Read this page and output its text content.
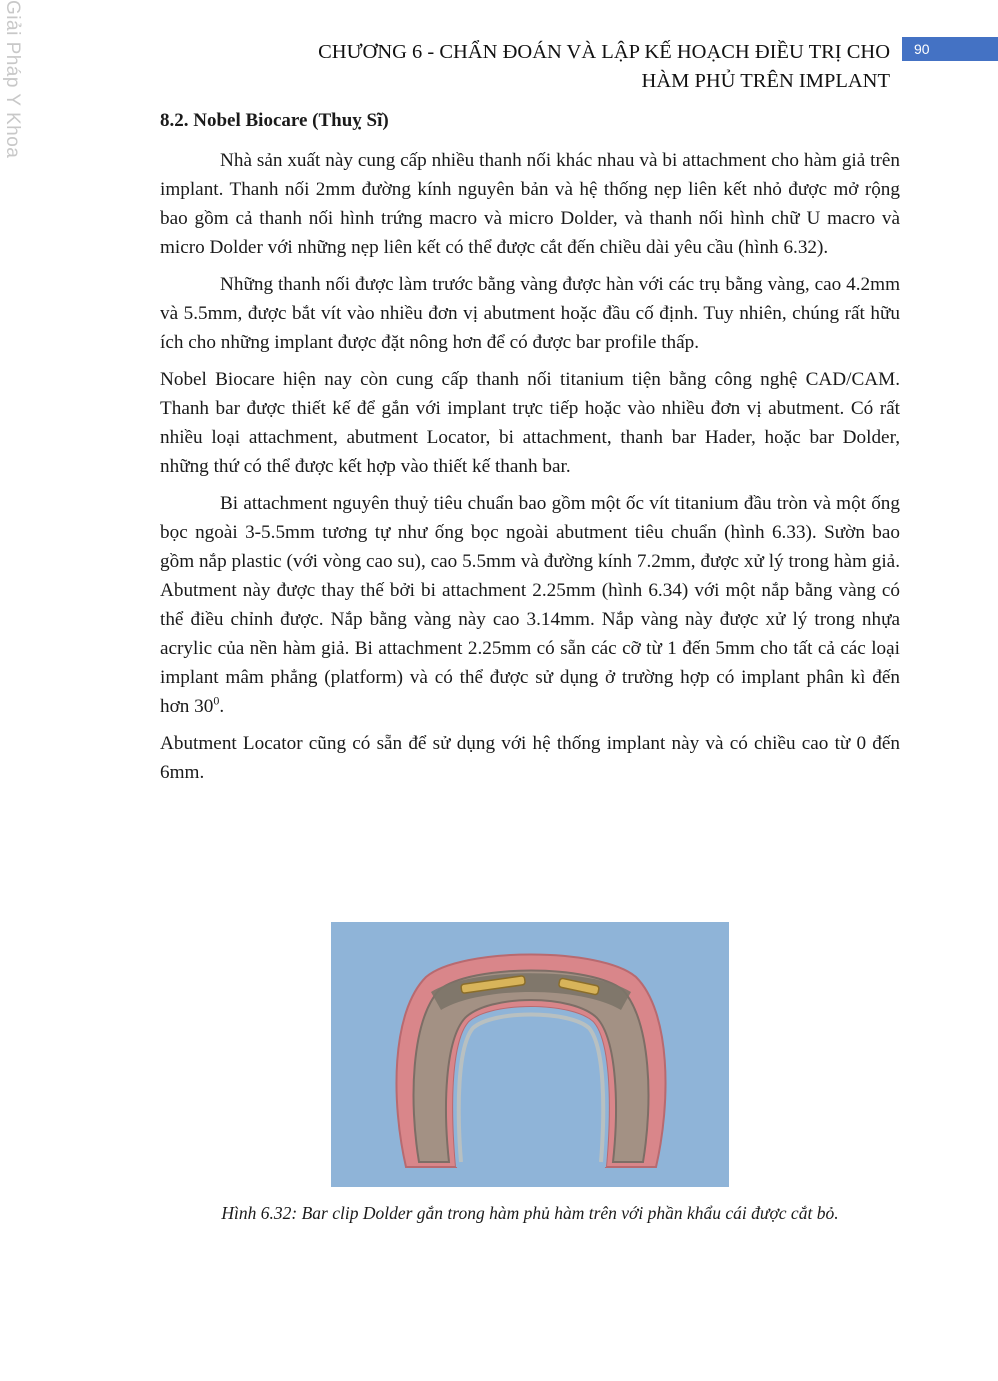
Giải Pháp Y Khoa	90
CHƯƠNG 6 - CHẨN ĐOÁN VÀ LẬP KẾ HOẠCH ĐIỀU TRỊ CHO
HÀM PHỦ TRÊN IMPLANT
8.2. Nobel Biocare (Thuỵ Sĩ)

Nhà sản xuất này cung cấp nhiều thanh nối khác nhau và bi attachment cho hàm giả trên implant. Thanh nối 2mm đường kính nguyên bản và hệ thống nẹp liên kết nhỏ được mở rộng bao gồm cả thanh nối hình trứng macro và micro Dolder, và thanh nối hình chữ U macro và micro Dolder với những nẹp liên kết có thể được cắt đến chiều dài yêu cầu (hình 6.32).

Những thanh nối được làm trước bằng vàng được hàn với các trụ bằng vàng, cao 4.2mm và 5.5mm, được bắt vít vào nhiều đơn vị abutment hoặc đầu cố định. Tuy nhiên, chúng rất hữu ích cho những implant được đặt nông hơn để có được bar profile thấp.

Nobel Biocare hiện nay còn cung cấp thanh nối titanium tiện bằng công nghệ CAD/CAM. Thanh bar được thiết kế để gắn với implant trực tiếp hoặc vào nhiều đơn vị abutment. Có rất nhiều loại attachment, abutment Locator, bi attachment, thanh bar Hader, hoặc bar Dolder, những thứ có thể được kết hợp vào thiết kế thanh bar.

Bi attachment nguyên thuỷ tiêu chuẩn bao gồm một ốc vít titanium đầu tròn và một ống bọc ngoài 3-5.5mm tương tự như ống bọc ngoài abutment tiêu chuẩn (hình 6.33). Sườn bao gồm nắp plastic (với vòng cao su), cao 5.5mm và đường kính 7.2mm, được xử lý trong hàm giả. Abutment này được thay thế bởi bi attachment 2.25mm (hình 6.34) với một nắp bằng vàng có thể điều chỉnh được. Nắp bằng vàng này cao 3.14mm. Nắp vàng này được xử lý trong nhựa acrylic của nền hàm giả. Bi attachment 2.25mm có sẵn các cỡ từ 1 đến 5mm cho tất cả các loại implant mâm phẳng (platform) và có thể được sử dụng ở trường hợp có implant phân kì đến hơn $30^0$.

Abutment Locator cũng có sẵn để sử dụng với hệ thống implant này và có chiều cao từ 0 đến 6mm.

Hình 6.32: Bar clip Dolder gắn trong hàm phủ hàm trên với phần khẩu cái được cắt bỏ.
